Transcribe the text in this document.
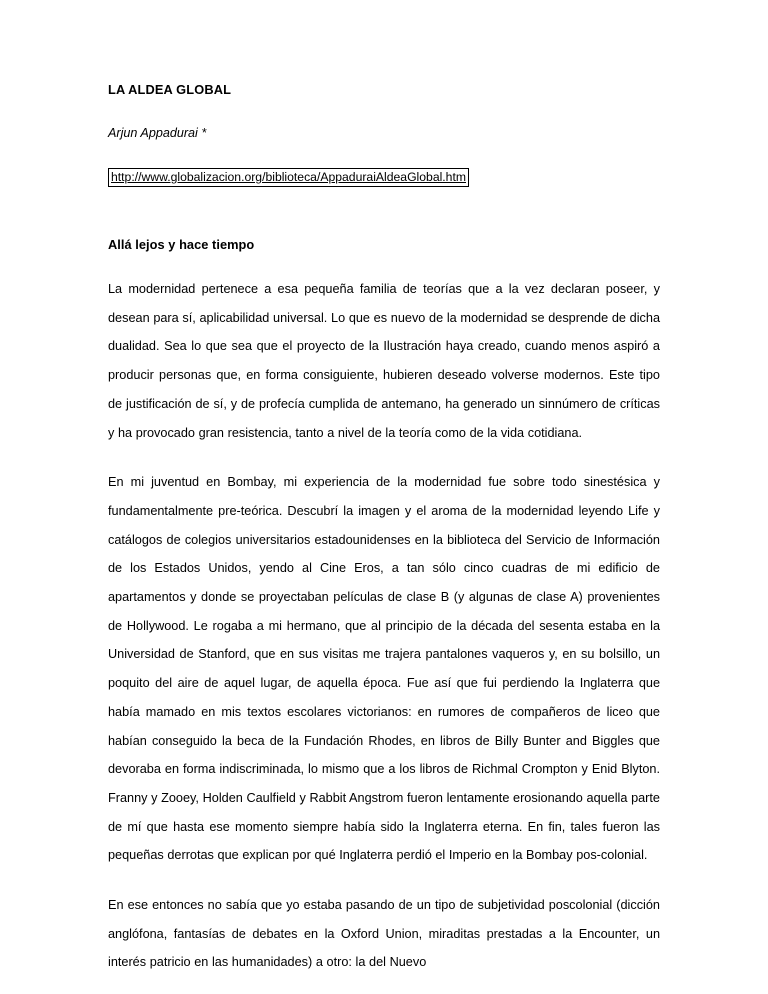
LA ALDEA GLOBAL

Arjun Appadurai *

http://www.globalizacion.org/biblioteca/AppaduraiAldeaGlobal.htm
Allá lejos y hace tiempo

La modernidad pertenece a esa pequeña familia de teorías que a la vez declaran poseer, y desean para sí, aplicabilidad universal. Lo que es nuevo de la modernidad se desprende de dicha dualidad. Sea lo que sea que el proyecto de la Ilustración haya creado, cuando menos aspiró a producir personas que, en forma consiguiente, hubieren deseado volverse modernos. Este tipo de justificación de sí, y de profecía cumplida de antemano, ha generado un sinnúmero de críticas y ha provocado gran resistencia, tanto a nivel de la teoría como de la vida cotidiana.

En mi juventud en Bombay, mi experiencia de la modernidad fue sobre todo sinestésica y fundamentalmente pre-teórica. Descubrí la imagen y el aroma de la modernidad leyendo Life y catálogos de colegios universitarios estadounidenses en la biblioteca del Servicio de Información de los Estados Unidos, yendo al Cine Eros, a tan sólo cinco cuadras de mi edificio de apartamentos y donde se proyectaban películas de clase B (y algunas de clase A) provenientes de Hollywood. Le rogaba a mi hermano, que al principio de la década del sesenta estaba en la Universidad de Stanford, que en sus visitas me trajera pantalones vaqueros y, en su bolsillo, un poquito del aire de aquel lugar, de aquella época. Fue así que fui perdiendo la Inglaterra que había mamado en mis textos escolares victorianos: en rumores de compañeros de liceo que habían conseguido la beca de la Fundación Rhodes, en libros de Billy Bunter and Biggles que devoraba en forma indiscriminada, lo mismo que a los libros de Richmal Crompton y Enid Blyton. Franny y Zooey, Holden Caulfield y Rabbit Angstrom fueron lentamente erosionando aquella parte de mí que hasta ese momento siempre había sido la Inglaterra eterna. En fin, tales fueron las pequeñas derrotas que explican por qué Inglaterra perdió el Imperio en la Bombay pos-colonial.

En ese entonces no sabía que yo estaba pasando de un tipo de subjetividad poscolonial (dicción anglófona, fantasías de debates en la Oxford Union, miraditas prestadas a la Encounter, un interés patricio en las humanidades) a otro: la del Nuevo
